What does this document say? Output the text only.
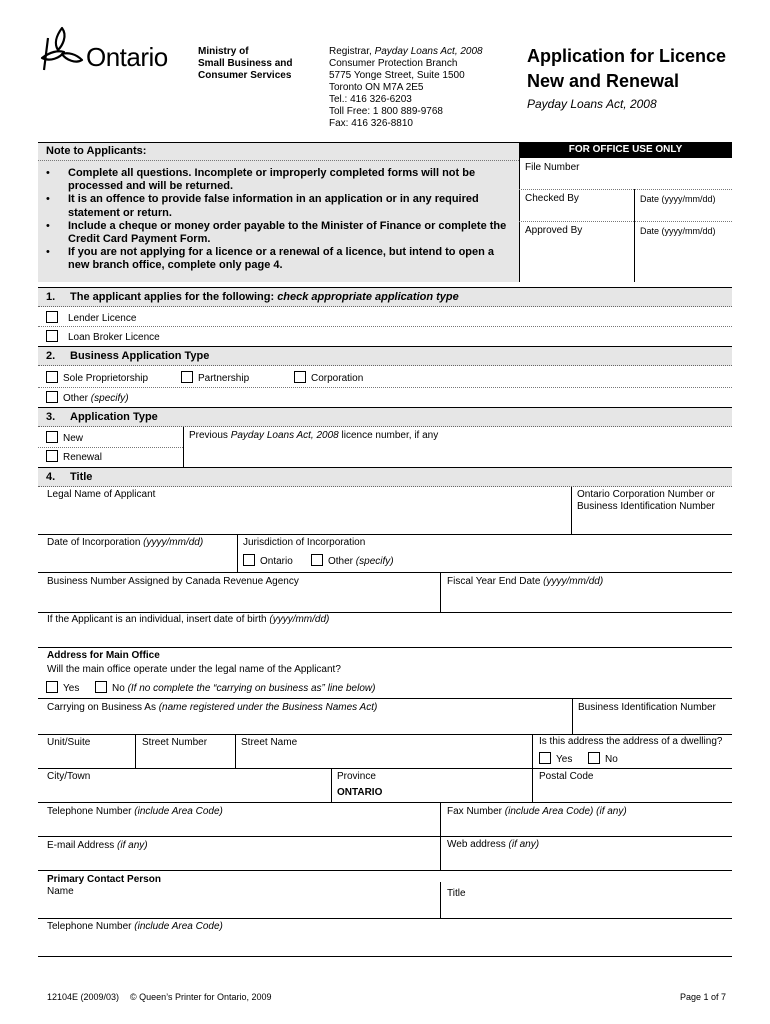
Ontario	Ministry of
Small Business and
Consumer Services
Registrar, Payday Loans Act, 2008
Consumer Protection Branch
5775 Yonge Street, Suite 1500
Toronto ON M7A 2E5
Tel.: 416 326-6203
Toll Free: 1 800 889-9768
Fax: 416 326-8810
Application for Licence
New and Renewal
Payday Loans Act, 2008
Note to Applicants:
• Complete all questions. Incomplete or improperly completed forms will not be processed and will be returned.
• It is an offence to provide false information in an application or in any required statement or return.
• Include a cheque or money order payable to the Minister of Finance or complete the Credit Card Payment Form.
• If you are not applying for a licence or a renewal of a licence, but intend to open a new branch office, complete only page 4.
FOR OFFICE USE ONLY
File Number
Checked By	Date (yyyy/mm/dd)
Approved By	Date (yyyy/mm/dd)
1. The applicant applies for the following: check appropriate application type
Lender Licence
Loan Broker Licence
2. Business Application Type
Sole Proprietorship	Partnership	Corporation
Other (specify)
3. Application Type
New
Renewal
Previous Payday Loans Act, 2008 licence number, if any
4. Title
Legal Name of Applicant	Ontario Corporation Number or
Business Identification Number
Date of Incorporation (yyyy/mm/dd)	Jurisdiction of Incorporation
Ontario	Other (specify)
Business Number Assigned by Canada Revenue Agency	Fiscal Year End Date (yyyy/mm/dd)
If the Applicant is an individual, insert date of birth (yyyy/mm/dd)
Address for Main Office
Will the main office operate under the legal name of the Applicant?
Yes	No (If no complete the “carrying on business as” line below)
Carrying on Business As (name registered under the Business Names Act)	Business Identification Number
Unit/Suite	Street Number	Street Name	Is this address the address of a dwelling?
Yes	No
City/Town	Province
ONTARIO
Postal Code
Telephone Number (include Area Code)	Fax Number (include Area Code) (if any)
E-mail Address (if any)	Web address (if any)
Primary Contact Person
Name	Title
Telephone Number (include Area Code)
12104E (2009/03) © Queen’s Printer for Ontario, 2009	Page 1 of 7
